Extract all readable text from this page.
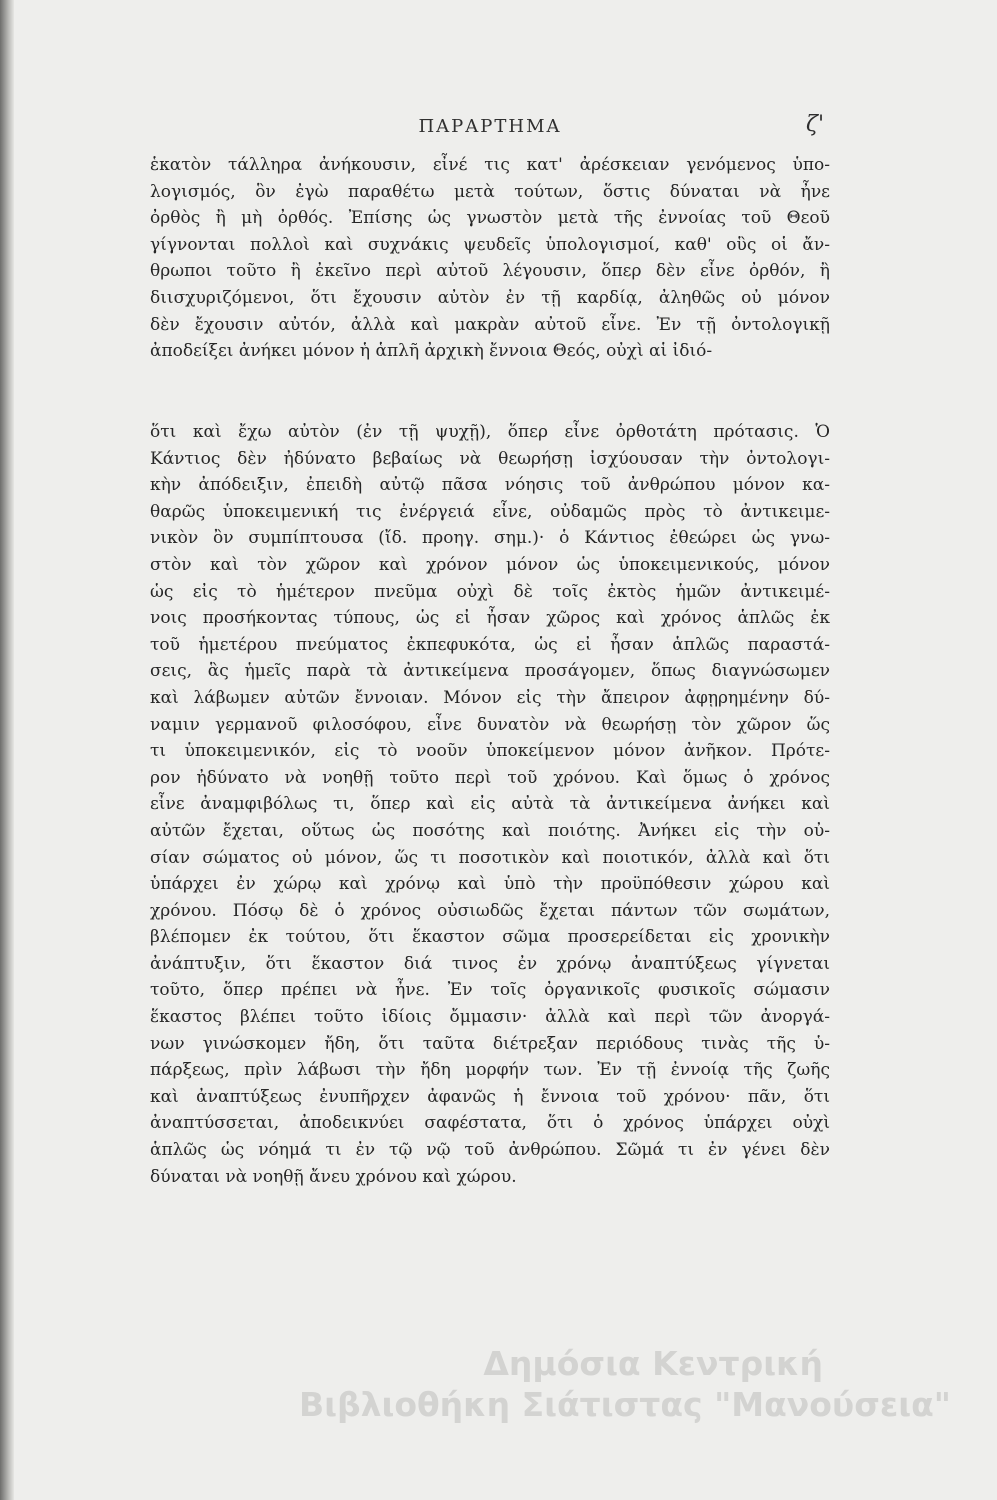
ΠΑΡΑΡΤΗΜΑ	ζ'
ἑκατὸν τάλληρα ἀνήκουσιν, εἶνέ τις κατ' ἀρέσκειαν γενόμενος ὑπο-
λογισμός, ὃν ἐγὼ παραθέτω μετὰ τούτων, ὅστις δύναται νὰ ἦνε
ὀρθὸς ἢ μὴ ὀρθός. Ἐπίσης ὡς γνωστὸν μετὰ τῆς ἐννοίας τοῦ Θεοῦ
γίγνονται πολλοὶ καὶ συχνάκις ψευδεῖς ὑπολογισμοί, καθ' οὓς οἱ ἄν-
θρωποι τοῦτο ἢ ἐκεῖνο περὶ αὐτοῦ λέγουσιν, ὅπερ δὲν εἶνε ὀρθόν, ἢ
διισχυριζόμενοι, ὅτι ἔχουσιν αὐτὸν ἐν τῇ καρδίᾳ, ἀληθῶς οὐ μόνον
δὲν ἔχουσιν αὐτόν, ἀλλὰ καὶ μακρὰν αὐτοῦ εἶνε. Ἐν τῇ ὀντολογικῇ
ἀποδείξει ἀνήκει μόνον ἡ ἁπλῆ ἀρχικὴ ἔννοια Θεός, οὐχὶ αἱ ἰδιό-
ὅτι καὶ ἔχω αὐτὸν (ἐν τῇ ψυχῇ), ὅπερ εἶνε ὀρθοτάτη πρότασις. Ὁ
Κάντιος δὲν ἠδύνατο βεβαίως νὰ θεωρήσῃ ἰσχύουσαν τὴν ὀντολογι-
κὴν ἀπόδειξιν, ἐπειδὴ αὐτῷ πᾶσα νόησις τοῦ ἀνθρώπου μόνον κα-
θαρῶς ὑποκειμενική τις ἐνέργειά εἶνε, οὐδαμῶς πρὸς τὸ ἀντικειμε-
νικὸν ὂν συμπίπτουσα (ἴδ. προηγ. σημ.)· ὁ Κάντιος ἐθεώρει ὡς γνω-
στὸν καὶ τὸν χῶρον καὶ χρόνον μόνον ὡς ὑποκειμενικούς, μόνον
ὡς εἰς τὸ ἡμέτερον πνεῦμα οὐχὶ δὲ τοῖς ἐκτὸς ἡμῶν ἀντικειμέ-
νοις προσήκοντας τύπους, ὡς εἰ ἦσαν χῶρος καὶ χρόνος ἁπλῶς ἐκ
τοῦ ἡμετέρου πνεύματος ἐκπεφυκότα, ὡς εἰ ἦσαν ἁπλῶς παραστά-
σεις, ἃς ἡμεῖς παρὰ τὰ ἀντικείμενα προσάγομεν, ὅπως διαγνώσωμεν
καὶ λάβωμεν αὐτῶν ἔννοιαν. Μόνον εἰς τὴν ἄπειρον ἀφῃρημένην δύ-
ναμιν γερμανοῦ φιλοσόφου, εἶνε δυνατὸν νὰ θεωρήσῃ τὸν χῶρον ὥς
τι ὑποκειμενικόν, εἰς τὸ νοοῦν ὑποκείμενον μόνον ἀνῆκον. Πρότε-
ρον ἠδύνατο νὰ νοηθῇ τοῦτο περὶ τοῦ χρόνου. Καὶ ὅμως ὁ χρόνος
εἶνε ἀναμφιβόλως τι, ὅπερ καὶ εἰς αὐτὰ τὰ ἀντικείμενα ἀνήκει καὶ
αὐτῶν ἔχεται, οὕτως ὡς ποσότης καὶ ποιότης. Ἀνήκει εἰς τὴν οὐ-
σίαν σώματος οὐ μόνον, ὥς τι ποσοτικὸν καὶ ποιοτικόν, ἀλλὰ καὶ ὅτι
ὑπάρχει ἐν χώρῳ καὶ χρόνῳ καὶ ὑπὸ τὴν προϋπόθεσιν χώρου καὶ
χρόνου. Πόσῳ δὲ ὁ χρόνος οὐσιωδῶς ἔχεται πάντων τῶν σωμάτων,
βλέπομεν ἐκ τούτου, ὅτι ἕκαστον σῶμα προσερείδεται εἰς χρονικὴν
ἀνάπτυξιν, ὅτι ἕκαστον διά τινος ἐν χρόνῳ ἀναπτύξεως γίγνεται
τοῦτο, ὅπερ πρέπει νὰ ἦνε. Ἐν τοῖς ὀργανικοῖς φυσικοῖς σώμασιν
ἕκαστος βλέπει τοῦτο ἰδίοις ὄμμασιν· ἀλλὰ καὶ περὶ τῶν ἀνοργά-
νων γινώσκομεν ἤδη, ὅτι ταῦτα διέτρεξαν περιόδους τινὰς τῆς ὑ-
πάρξεως, πρὶν λάβωσι τὴν ἤδη μορφήν των. Ἐν τῇ ἐννοίᾳ τῆς ζωῆς
καὶ ἀναπτύξεως ἐνυπῆρχεν ἀφανῶς ἡ ἔννοια τοῦ χρόνου· πᾶν, ὅτι
ἀναπτύσσεται, ἀποδεικνύει σαφέστατα, ὅτι ὁ χρόνος ὑπάρχει οὐχὶ
ἁπλῶς ὡς νόημά τι ἐν τῷ νῷ τοῦ ἀνθρώπου. Σῶμά τι ἐν γένει δὲν
δύναται νὰ νοηθῇ ἄνευ χρόνου καὶ χώρου.
Δημόσια Κεντρική
Βιβλιοθήκη Σιάτιστας "Μανούσεια"
